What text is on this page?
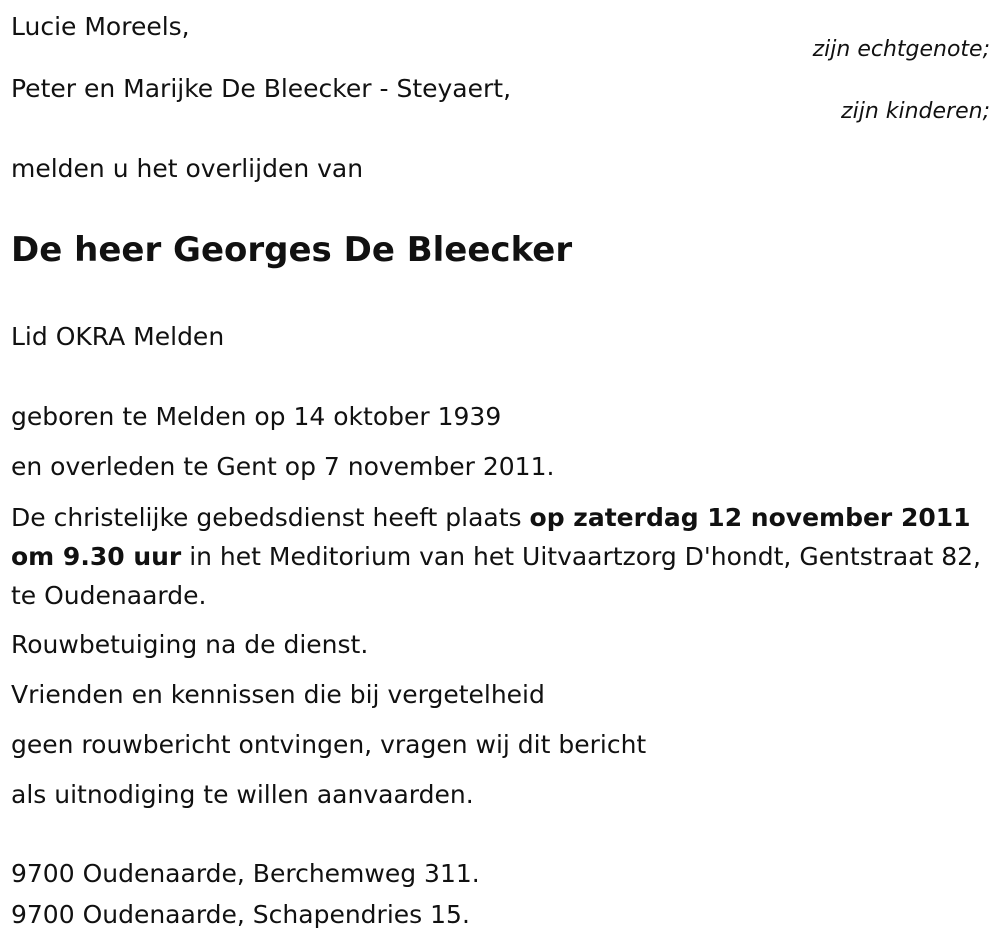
Lucie Moreels,
zijn echtgenote;
Peter en Marijke De Bleecker - Steyaert,
zijn kinderen;
melden u het overlijden van
De heer Georges De Bleecker
Lid OKRA Melden
geboren te Melden op 14 oktober 1939
en overleden te Gent op 7 november 2011.
De christelijke gebedsdienst heeft plaats op zaterdag 12 november 2011 om 9.30 uur in het Meditorium van het Uitvaartzorg D'hondt, Gentstraat 82, te Oudenaarde.
Rouwbetuiging na de dienst.
Vrienden en kennissen die bij vergetelheid
geen rouwbericht ontvingen, vragen wij dit bericht
als uitnodiging te willen aanvaarden.
9700 Oudenaarde, Berchemweg 311.
9700 Oudenaarde, Schapendries 15.
